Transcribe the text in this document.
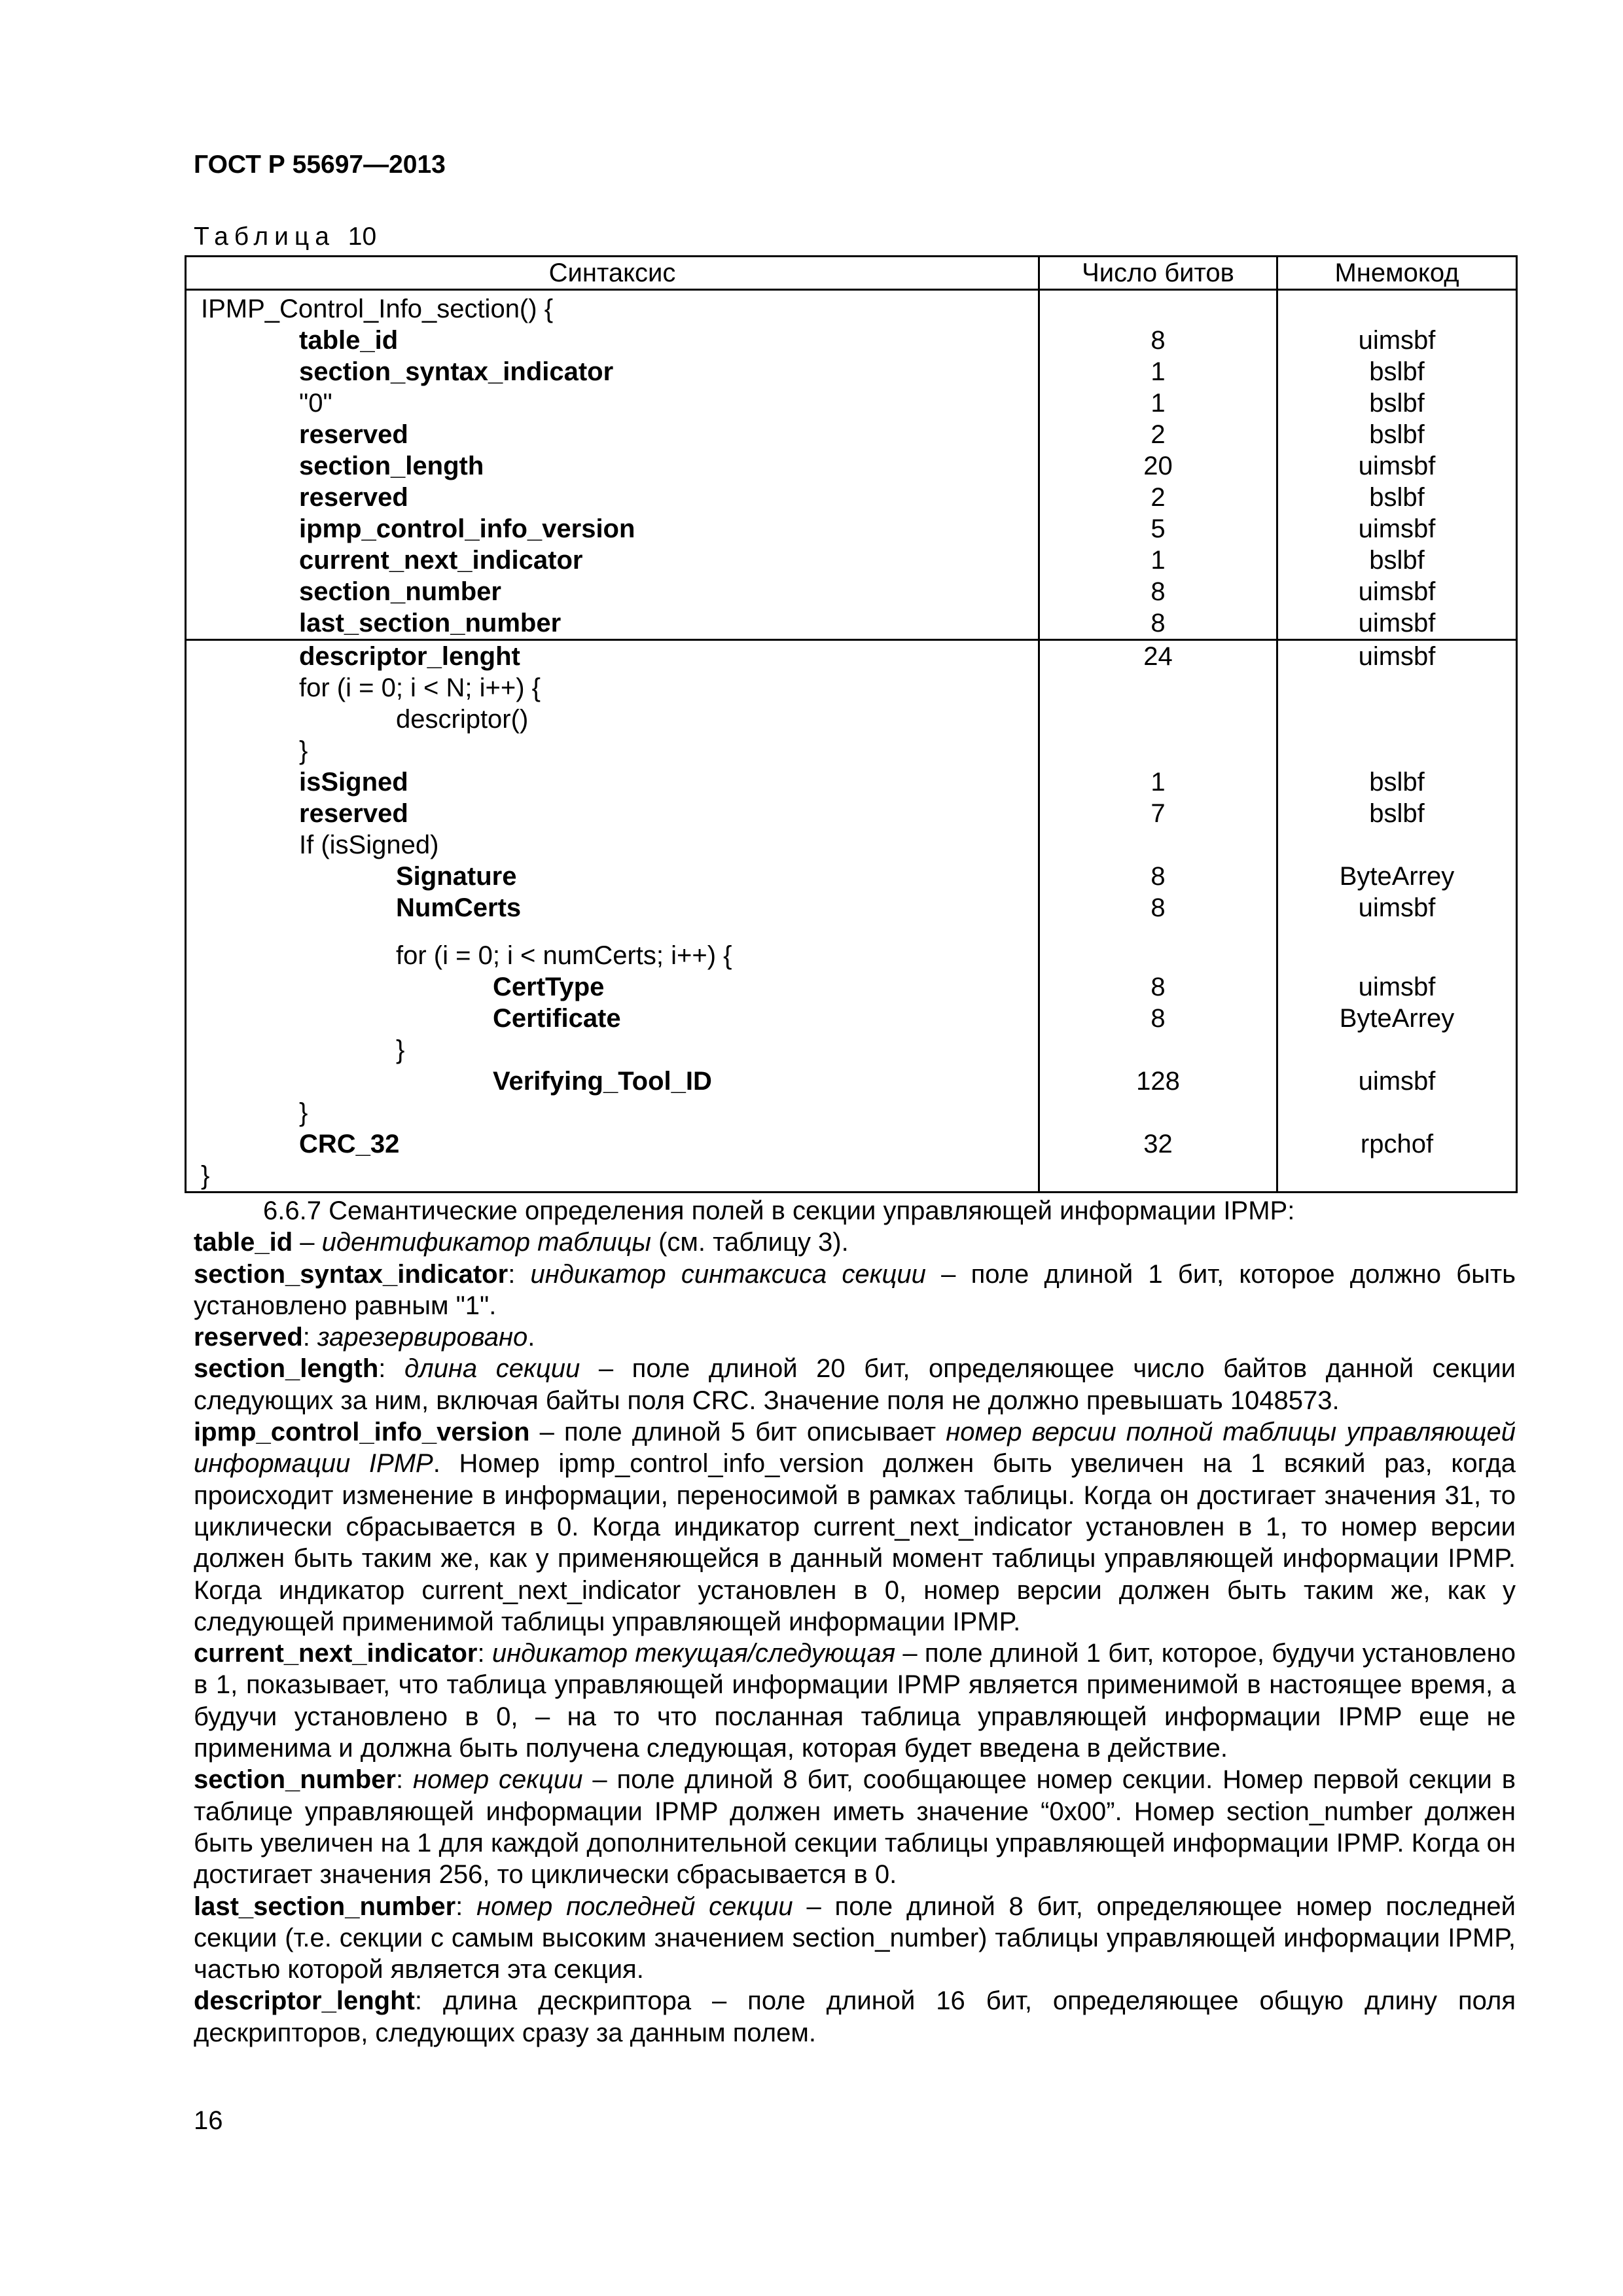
ГОСТ Р 55697—2013
Таблица 10
Синтаксис	Число битов	Мнемокод
IPMP_Control_Info_section() {		
table_id	8	uimsbf
section_syntax_indicator	1	bslbf
"0"	1	bslbf
reserved	2	bslbf
section_length	20	uimsbf
reserved	2	bslbf
ipmp_control_info_version	5	uimsbf
current_next_indicator	1	bslbf
section_number	8	uimsbf
last_section_number	8	uimsbf
descriptor_lenght	24	uimsbf
for (i = 0; i < N; i++) {		
descriptor()		
}		
isSigned	1	bslbf
reserved	7	bslbf
If (isSigned)		
Signature	8	ByteArrey
NumCerts	8	uimsbf

for (i = 0; i < numCerts; i++) {		
CertType	8	uimsbf
Certificate	8	ByteArrey
}		
Verifying_Tool_ID	128	uimsbf
}		
CRC_32	32	rpchof
}		

6.6.7 Семантические определения полей в секции управляющей информации IPMP:

table_id – идентификатор таблицы (см. таблицу 3).

section_syntax_indicator: индикатор синтаксиса секции – поле длиной 1 бит, которое должно быть установлено равным "1".

reserved: зарезервировано.

section_length: длина секции – поле длиной 20 бит, определяющее число байтов данной секции следующих за ним, включая байты поля CRC. Значение поля не должно превышать 1048573.

ipmp_control_info_version – поле длиной 5 бит описывает номер версии полной таблицы управляющей информации IPMP. Номер ipmp_control_info_version должен быть увеличен на 1 всякий раз, когда происходит изменение в информации, переносимой в рамках таблицы. Когда он достигает значения 31, то циклически сбрасывается в 0. Когда индикатор current_next_indicator установлен в 1, то номер версии должен быть таким же, как у применяющейся в данный момент таблицы управляющей информации IPMP. Когда индикатор current_next_indicator установлен в 0, номер версии должен быть таким же, как у следующей применимой таблицы управляющей информации IPMP.

current_next_indicator: индикатор текущая/следующая – поле длиной 1 бит, которое, будучи установлено в 1, показывает, что таблица управляющей информации IPMP является применимой в настоящее время, а будучи установлено в 0, – на то что посланная таблица управляющей информации IPMP еще не применима и должна быть получена следующая, которая будет введена в действие.

section_number: номер секции – поле длиной 8 бит, сообщающее номер секции. Номер первой секции в таблице управляющей информации IPMP должен иметь значение “0x00”. Номер section_number должен быть увеличен на 1 для каждой дополнительной секции таблицы управляющей информации IPMP. Когда он достигает значения 256, то циклически сбрасывается в 0.

last_section_number: номер последней секции – поле длиной 8 бит, определяющее номер последней секции (т.е. секции с самым высоким значением section_number) таблицы управляющей информации IPMP, частью которой является эта секция.

descriptor_lenght: длина дескриптора – поле длиной 16 бит, определяющее общую длину поля дескрипторов, следующих сразу за данным полем.

16
